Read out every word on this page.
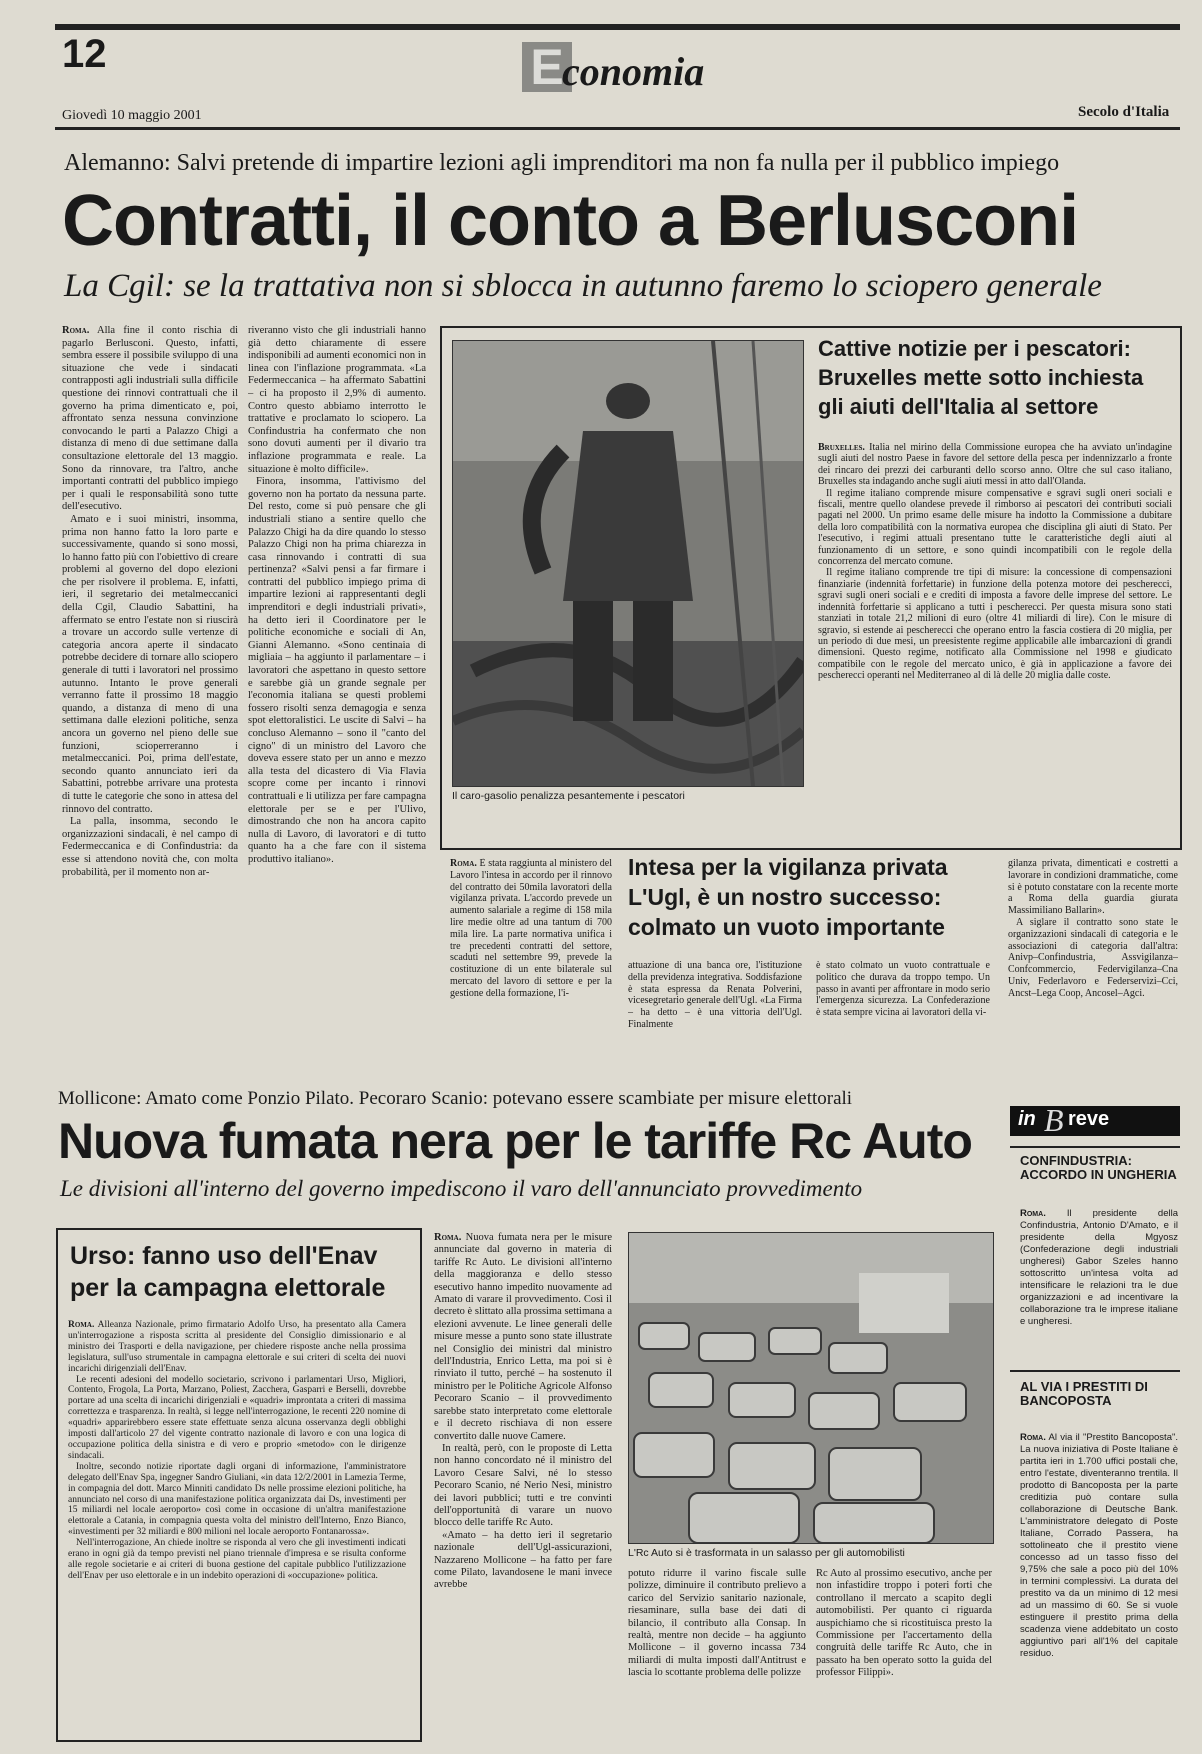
12	E
conomia
Giovedì 10 maggio 2001	Secolo d'Italia
Alemanno: Salvi pretende di impartire lezioni agli imprenditori ma non fa nulla per il pubblico impiego
Contratti, il conto a Berlusconi
La Cgil: se la trattativa non si sblocca in autunno faremo lo sciopero generale

Roma. Alla fine il conto rischia di pagarlo Berlusconi. Questo, infatti, sembra essere il possibile sviluppo di una situazione che vede i sindacati contrapposti agli industriali sulla difficile questione dei rinnovi contrattuali che il governo ha prima dimenticato e, poi, affrontato senza nessuna convinzione convocando le parti a Palazzo Chigi a distanza di meno di due settimane dalla consultazione elettorale del 13 maggio. Sono da rinnovare, tra l'altro, anche importanti contratti del pubblico impiego per i quali le responsabilità sono tutte dell'esecutivo.

Amato e i suoi ministri, insomma, prima non hanno fatto la loro parte e successivamente, quando si sono mossi, lo hanno fatto più con l'obiettivo di creare problemi al governo del dopo elezioni che per risolvere il problema. E, infatti, ieri, il segretario dei metalmeccanici della Cgil, Claudio Sabattini, ha affermato se entro l'estate non si riuscirà a trovare un accordo sulle vertenze di categoria ancora aperte il sindacato potrebbe decidere di tornare allo sciopero generale di tutti i lavoratori nel prossimo autunno. Intanto le prove generali verranno fatte il prossimo 18 maggio quando, a distanza di meno di una settimana dalle elezioni politiche, senza ancora un governo nel pieno delle sue funzioni, scioperreranno i metalmeccanici. Poi, prima dell'estate, secondo quanto annunciato ieri da Sabattini, potrebbe arrivare una protesta di tutte le categorie che sono in attesa del rinnovo del contratto.

La palla, insomma, secondo le organizzazioni sindacali, è nel campo di Federmeccanica e di Confindustria: da esse si attendono novità che, con molta probabilità, per il momento non ar-

riveranno visto che gli industriali hanno già detto chiaramente di essere indisponibili ad aumenti economici non in linea con l'inflazione programmata. «La Federmeccanica – ha affermato Sabattini – ci ha proposto il 2,9% di aumento. Contro questo abbiamo interrotto le trattative e proclamato lo sciopero. La Confindustria ha confermato che non sono dovuti aumenti per il divario tra inflazione programmata e reale. La situazione è molto difficile».

Finora, insomma, l'attivismo del governo non ha portato da nessuna parte. Del resto, come si può pensare che gli industriali stiano a sentire quello che Palazzo Chigi ha da dire quando lo stesso Palazzo Chigi non ha prima chiarezza in casa rinnovando i contratti di sua pertinenza? «Salvi pensi a far firmare i contratti del pubblico impiego prima di impartire lezioni ai rappresentanti degli imprenditori e degli industriali privati», ha detto ieri il Coordinatore per le politiche economiche e sociali di An, Gianni Alemanno. «Sono centinaia di migliaia – ha aggiunto il parlamentare – i lavoratori che aspettano in questo settore e sarebbe già un grande segnale per l'economia italiana se questi problemi fossero risolti senza demagogia e senza spot elettoralistici. Le uscite di Salvi – ha concluso Alemanno – sono il "canto del cigno" di un ministro del Lavoro che doveva essere stato per un anno e mezzo alla testa del dicastero di Via Flavia scopre come per incanto i rinnovi contrattuali e li utilizza per fare campagna elettorale per se e per l'Ulivo, dimostrando che non ha ancora capito nulla di Lavoro, di lavoratori e di tutto quanto ha a che fare con il sistema produttivo italiano».

Il caro-gasolio penalizza pesantemente i pescatori
Cattive notizie per i pescatori: Bruxelles mette sotto inchiesta gli aiuti dell'Italia al settore

Bruxelles. Italia nel mirino della Commissione europea che ha avviato un'indagine sugli aiuti del nostro Paese in favore del settore della pesca per indennizzarlo a fronte dei rincaro dei prezzi dei carburanti dello scorso anno. Oltre che sul caso italiano, Bruxelles sta indagando anche sugli aiuti messi in atto dall'Olanda.

Il regime italiano comprende misure compensative e sgravi sugli oneri sociali e fiscali, mentre quello olandese prevede il rimborso ai pescatori dei contributi sociali pagati nel 2000. Un primo esame delle misure ha indotto la Commissione a dubitare della loro compatibilità con la normativa europea che disciplina gli aiuti di Stato. Per l'esecutivo, i regimi attuali presentano tutte le caratteristiche degli aiuti al funzionamento di un settore, e sono quindi incompatibili con le regole della concorrenza del mercato comune.

Il regime italiano comprende tre tipi di misure: la concessione di compensazioni finanziarie (indennità forfettarie) in funzione della potenza motore dei pescherecci, sgravi sugli oneri sociali e e crediti di imposta a favore delle imprese del settore. Le indennità forfettarie si applicano a tutti i pescherecci. Per questa misura sono stati stanziati in totale 21,2 milioni di euro (oltre 41 miliardi di lire). Con le misure di sgravio, si estende ai pescherecci che operano entro la fascia costiera di 20 miglia, per un periodo di due mesi, un preesistente regime applicabile alle imbarcazioni di grandi dimensioni. Questo regime, notificato alla Commissione nel 1998 e giudicato compatibile con le regole del mercato unico, è già in applicazione a favore dei pescherecci operanti nel Mediterraneo al di là delle 20 miglia dalle coste.

Roma. È stata raggiunta al ministero del Lavoro l'intesa in accordo per il rinnovo del contratto dei 50mila lavoratori della vigilanza privata. L'accordo prevede un aumento salariale a regime di 158 mila lire medie oltre ad una tantum di 700 mila lire. La parte normativa unifica i tre precedenti contratti del settore, scaduti nel settembre 99, prevede la costituzione di un ente bilaterale sul mercato del lavoro di settore e per la gestione della formazione, l'i-

Intesa per la vigilanza privata L'Ugl, è un nostro successo: colmato un vuoto importante

attuazione di una banca ore, l'istituzione della previdenza integrativa. Soddisfazione è stata espressa da Renata Polverini, vicesegretario generale dell'Ugl. «La Firma – ha detto – è una vittoria dell'Ugl. Finalmente

è stato colmato un vuoto contrattuale e politico che durava da troppo tempo. Un passo in avanti per affrontare in modo serio l'emergenza sicurezza. La Confederazione è stata sempre vicina ai lavoratori della vi-

gilanza privata, dimenticati e costretti a lavorare in condizioni drammatiche, come si è potuto constatare con la recente morte a Roma della guardia giurata Massimiliano Ballarin».

A siglare il contratto sono state le organizzazioni sindacali di categoria e le associazioni di categoria dall'altra: Anivp–Confindustria, Assvigilanza–Confcommercio, Federvigilanza–Cna Univ, Federlavoro e Federservizi–Cci, Ancst–Lega Coop, Ancosel–Agci.

Mollicone: Amato come Ponzio Pilato. Pecoraro Scanio: potevano essere scambiate per misure elettorali
Nuova fumata nera per le tariffe Rc Auto
Le divisioni all'interno del governo impediscono il varo dell'annunciato provvedimento
Urso: fanno uso dell'Enav per la campagna elettorale

Roma. Alleanza Nazionale, primo firmatario Adolfo Urso, ha presentato alla Camera un'interrogazione a risposta scritta al presidente del Consiglio dimissionario e al ministro dei Trasporti e della navigazione, per chiedere risposte anche nella prossima legislatura, sull'uso strumentale in campagna elettorale e sui criteri di scelta dei nuovi incarichi dirigenziali dell'Enav.

Le recenti adesioni del modello societario, scrivono i parlamentari Urso, Migliori, Contento, Frogola, La Porta, Marzano, Poliest, Zacchera, Gasparri e Berselli, dovrebbe portare ad una scelta di incarichi dirigenziali e «quadri» improntata a criteri di massima correttezza e trasparenza. In realtà, si legge nell'interrogazione, le recenti 220 nomine di «quadri» apparirebbero essere state effettuate senza alcuna osservanza degli obblighi imposti dall'articolo 27 del vigente contratto nazionale di lavoro e con una logica di occupazione politica della sinistra e di vero e proprio «metodo» con le dirigenze sindacali.

Inoltre, secondo notizie riportate dagli organi di informazione, l'amministratore delegato dell'Enav Spa, ingegner Sandro Giuliani, «in data 12/2/2001 in Lamezia Terme, in compagnia del dott. Marco Minniti candidato Ds nelle prossime elezioni politiche, ha annunciato nel corso di una manifestazione politica organizzata dai Ds, investimenti per 15 miliardi nel locale aeroporto» così come in occasione di un'altra manifestazione elettorale a Catania, in compagnia questa volta del ministro dell'Interno, Enzo Bianco, «investimenti per 32 miliardi e 800 milioni nel locale aeroporto Fontanarossa».

Nell'interrogazione, An chiede inoltre se risponda al vero che gli investimenti indicati erano in ogni già da tempo previsti nel piano triennale d'impresa e se risulta conforme alle regole societarie e ai criteri di buona gestione del capitale pubblico l'utilizzazione dell'Enav per uso elettorale e in un indebito operazioni di «occupazione» politica.

Roma. Nuova fumata nera per le misure annunciate dal governo in materia di tariffe Rc Auto. Le divisioni all'interno della maggioranza e dello stesso esecutivo hanno impedito nuovamente ad Amato di varare il provvedimento. Così il decreto è slittato alla prossima settimana a elezioni avvenute. Le linee generali delle misure messe a punto sono state illustrate nel Consiglio dei ministri dal ministro dell'Industria, Enrico Letta, ma poi si è rinviato il tutto, perché – ha sostenuto il ministro per le Politiche Agricole Alfonso Pecoraro Scanio – il provvedimento sarebbe stato interpretato come elettorale e il decreto rischiava di non essere convertito dalle nuove Camere.

In realtà, però, con le proposte di Letta non hanno concordato né il ministro del Lavoro Cesare Salvi, né lo stesso Pecoraro Scanio, né Nerio Nesi, ministro dei lavori pubblici; tutti e tre convinti dell'opportunità di varare un nuovo blocco delle tariffe Rc Auto.

«Amato – ha detto ieri il segretario nazionale dell'Ugl-assicurazioni, Nazzareno Mollicone – ha fatto per fare come Pilato, lavandosene le mani invece avrebbe

L'Rc Auto si è trasformata in un salasso per gli automobilisti

potuto ridurre il varino fiscale sulle polizze, diminuire il contributo prelievo a carico del Servizio sanitario nazionale, riesaminare, sulla base dei dati di bilancio, il contributo alla Consap. In realtà, mentre non decide – ha aggiunto Mollicone – il governo incassa 734 miliardi di multa imposti dall'Antitrust e lascia lo scottante problema delle polizze

Rc Auto al prossimo esecutivo, anche per non infastidire troppo i poteri forti che controllano il mercato a scapito degli automobilisti. Per quanto ci riguarda auspichiamo che si ricostituisca presto la Commissione per l'accertamento della congruità delle tariffe Rc Auto, che in passato ha ben operato sotto la guida del professor Filippi».

in B reve
CONFINDUSTRIA: ACCORDO IN UNGHERIA

Roma. Il presidente della Confindustria, Antonio D'Amato, e il presidente della Mgyosz (Confederazione degli industriali ungheresi) Gabor Szeles hanno sottoscritto un'intesa volta ad intensificare le relazioni tra le due organizzazioni e ad incentivare la collaborazione tra le imprese italiane e ungheresi.

AL VIA I PRESTITI DI BANCOPOSTA

Roma. Al via il "Prestito Bancoposta". La nuova iniziativa di Poste Italiane è partita ieri in 1.700 uffici postali che, entro l'estate, diventeranno trentila. Il prodotto di Bancoposta per la parte creditizia può contare sulla collaborazione di Deutsche Bank. L'amministratore delegato di Poste Italiane, Corrado Passera, ha sottolineato che il prestito viene concesso ad un tasso fisso del 9,75% che sale a poco più del 10% in termini complessivi. La durata del prestito va da un minimo di 12 mesi ad un massimo di 60. Se si vuole estinguere il prestito prima della scadenza viene addebitato un costo aggiuntivo pari all'1% del capitale residuo.
